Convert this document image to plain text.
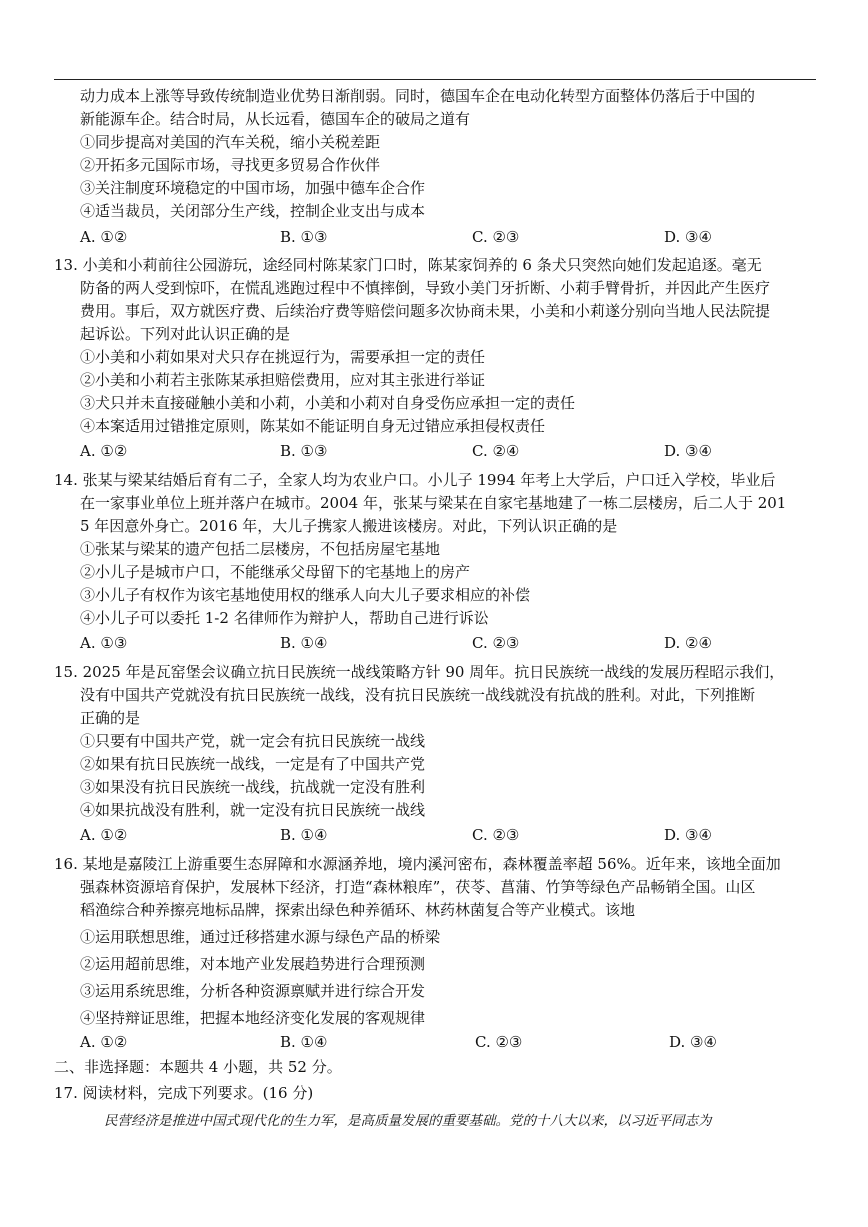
动力成本上涨等导致传统制造业优势日渐削弱。同时，德国车企在电动化转型方面整体仍落后于中国的
新能源车企。结合时局，从长远看，德国车企的破局之道有
①同步提高对美国的汽车关税，缩小关税差距
②开拓多元国际市场，寻找更多贸易合作伙伴
③关注制度环境稳定的中国市场，加强中德车企合作
④适当裁员，关闭部分生产线，控制企业支出与成本
A. ①②	B. ①③	C. ②③	D. ③④
13. 小美和小莉前往公园游玩，途经同村陈某家门口时，陈某家饲养的 6 条犬只突然向她们发起追逐。毫无
防备的两人受到惊吓，在慌乱逃跑过程中不慎摔倒，导致小美门牙折断、小莉手臂骨折，并因此产生医疗
费用。事后，双方就医疗费、后续治疗费等赔偿问题多次协商未果，小美和小莉遂分别向当地人民法院提
起诉讼。下列对此认识正确的是
①小美和小莉如果对犬只存在挑逗行为，需要承担一定的责任
②小美和小莉若主张陈某承担赔偿费用，应对其主张进行举证
③犬只并未直接碰触小美和小莉，小美和小莉对自身受伤应承担一定的责任
④本案适用过错推定原则，陈某如不能证明自身无过错应承担侵权责任
A. ①②	B. ①③	C. ②④	D. ③④
14. 张某与梁某结婚后育有二子，全家人均为农业户口。小儿子 1994 年考上大学后，户口迁入学校，毕业后
在一家事业单位上班并落户在城市。2004 年，张某与梁某在自家宅基地建了一栋二层楼房，后二人于 201
5 年因意外身亡。2016 年，大儿子携家人搬进该楼房。对此，下列认识正确的是
①张某与梁某的遗产包括二层楼房，不包括房屋宅基地
②小儿子是城市户口，不能继承父母留下的宅基地上的房产
③小儿子有权作为该宅基地使用权的继承人向大儿子要求相应的补偿
④小儿子可以委托 1-2 名律师作为辩护人，帮助自己进行诉讼
A. ①③	B. ①④	C. ②③	D. ②④
15. 2025 年是瓦窑堡会议确立抗日民族统一战线策略方针 90 周年。抗日民族统一战线的发展历程昭示我们，
没有中国共产党就没有抗日民族统一战线，没有抗日民族统一战线就没有抗战的胜利。对此，下列推断
正确的是
①只要有中国共产党，就一定会有抗日民族统一战线
②如果有抗日民族统一战线，一定是有了中国共产党
③如果没有抗日民族统一战线，抗战就一定没有胜利
④如果抗战没有胜利，就一定没有抗日民族统一战线
A. ①②	B. ①④	C. ②③	D. ③④
16. 某地是嘉陵江上游重要生态屏障和水源涵养地，境内溪河密布，森林覆盖率超 56%。近年来，该地全面加
强森林资源培育保护，发展林下经济，打造“森林粮库”，茯苓、菖蒲、竹笋等绿色产品畅销全国。山区
稻渔综合种养擦亮地标品牌，探索出绿色种养循环、林药林菌复合等产业模式。该地
①运用联想思维，通过迁移搭建水源与绿色产品的桥梁
②运用超前思维，对本地产业发展趋势进行合理预测
③运用系统思维，分析各种资源禀赋并进行综合开发
④坚持辩证思维，把握本地经济变化发展的客观规律
A. ①②	B. ①④	C. ②③	D. ③④
二、非选择题：本题共 4 小题，共 52 分。
17. 阅读材料，完成下列要求。(16 分)
民营经济是推进中国式现代化的生力军，是高质量发展的重要基础。党的十八大以来，以习近平同志为
